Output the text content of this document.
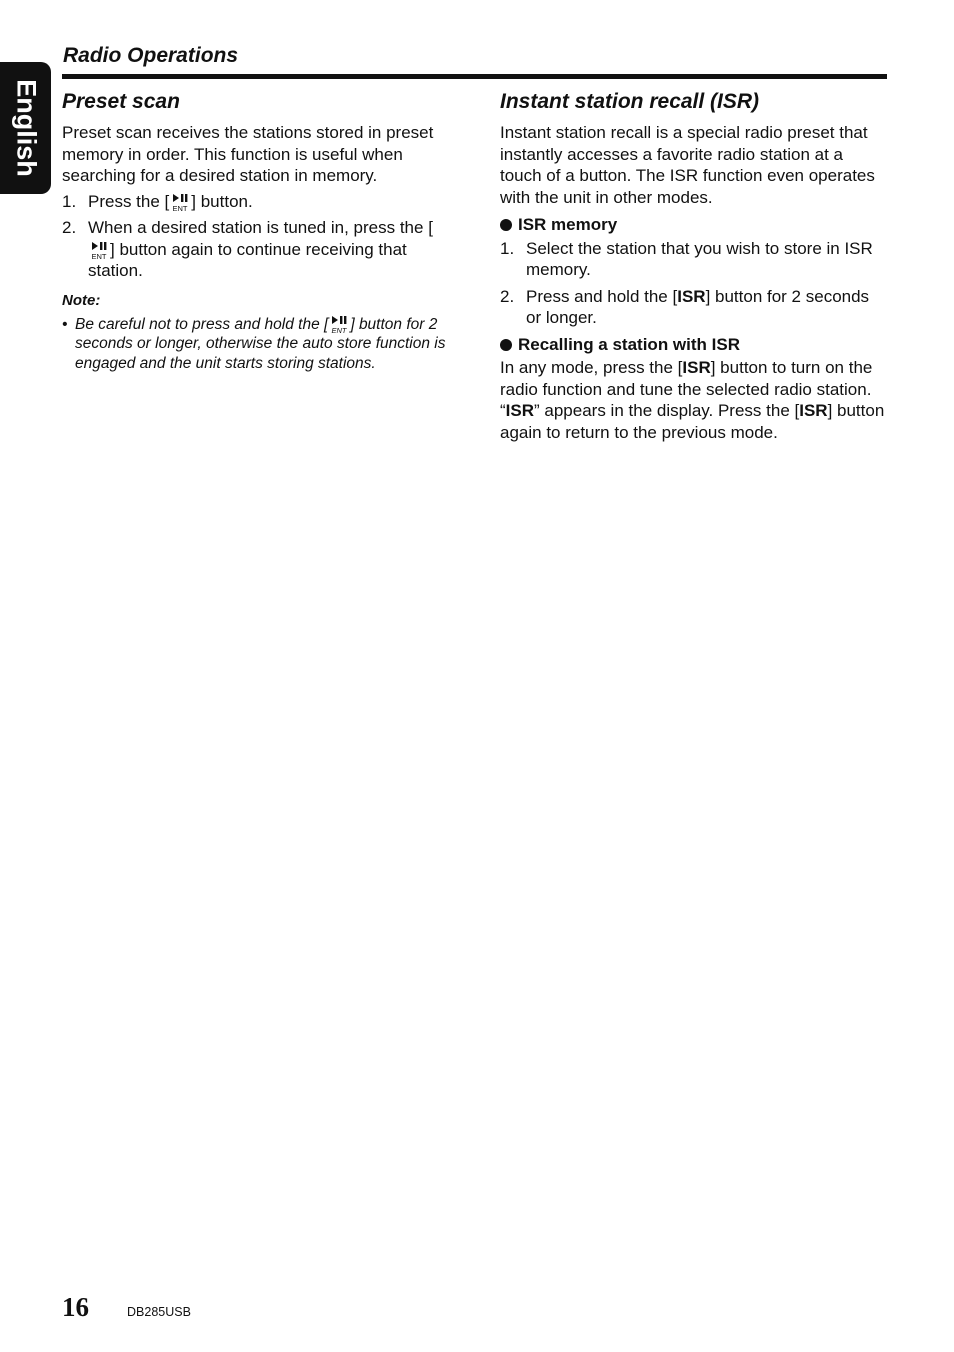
English
Radio Operations
Preset scan

Preset scan receives the stations stored in preset memory in order. This function is useful when searching for a desired station in memory.

1. Press the [ ENT ] button.
2. When a desired station is tuned in, press the [
ENT ] button again to continue receiving that station.
Note:
• Be careful not to press and hold the [ ENT ] button for 2 seconds or longer, otherwise the auto store function is engaged and the unit starts storing stations.
Instant station recall (ISR)

Instant station recall is a special radio preset that instantly accesses a favorite radio station at a touch of a button. The ISR function even operates with the unit in other modes.

ISR memory
1. Select the station that you wish to store in ISR memory.
2. Press and hold the [ISR] button for 2 seconds or longer.
Recalling a station with ISR

In any mode, press the [ISR] button to turn on the radio function and tune the selected radio station. “ISR” appears in the display. Press the [ISR] button again to return to the previous mode.

16	DB285USB
